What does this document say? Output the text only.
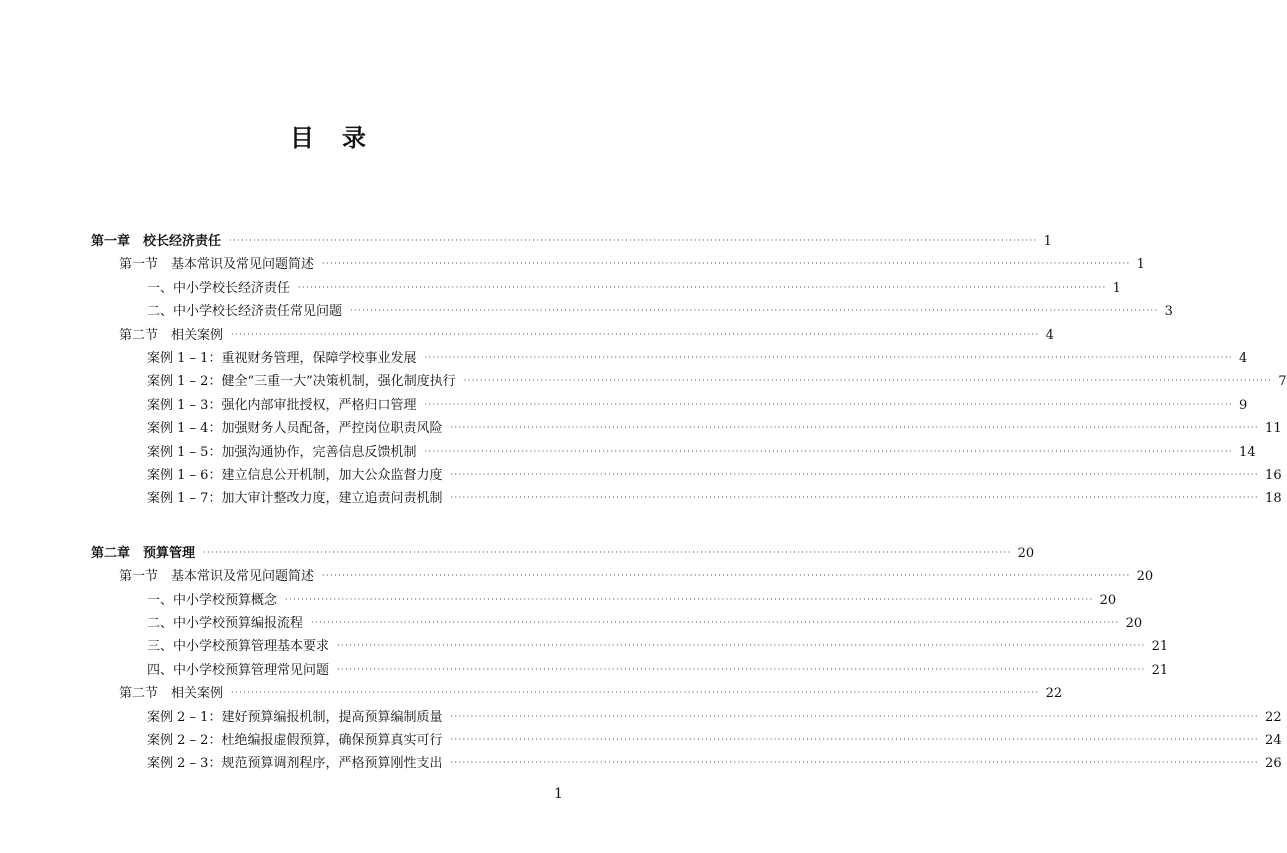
目　录
第一章　校长经济责任 ········································································································································································································ 1
第一节　基本常识及常见问题简述 ········································································································································································································ 1
一、中小学校长经济责任 ········································································································································································································ 1
二、中小学校长经济责任常见问题 ········································································································································································································ 3
第二节　相关案例 ········································································································································································································ 4
案例 1 – 1：重视财务管理，保障学校事业发展 ········································································································································································································ 4
案例 1 – 2：健全“三重一大”决策机制，强化制度执行 ········································································································································································································ 7
案例 1 – 3：强化内部审批授权，严格归口管理 ········································································································································································································ 9
案例 1 – 4：加强财务人员配备，严控岗位职责风险 ········································································································································································································ 11
案例 1 – 5：加强沟通协作，完善信息反馈机制 ········································································································································································································ 14
案例 1 – 6：建立信息公开机制，加大公众监督力度 ········································································································································································································ 16
案例 1 – 7：加大审计整改力度，建立追责问责机制 ········································································································································································································ 18
第二章　预算管理 ········································································································································································································ 20
第一节　基本常识及常见问题简述 ········································································································································································································ 20
一、中小学校预算概念 ········································································································································································································ 20
二、中小学校预算编报流程 ········································································································································································································ 20
三、中小学校预算管理基本要求 ········································································································································································································ 21
四、中小学校预算管理常见问题 ········································································································································································································ 21
第二节　相关案例 ········································································································································································································ 22
案例 2 – 1：建好预算编报机制，提高预算编制质量 ········································································································································································································ 22
案例 2 – 2：杜绝编报虚假预算，确保预算真实可行 ········································································································································································································ 24
案例 2 – 3：规范预算调剂程序，严格预算刚性支出 ········································································································································································································ 26
1
